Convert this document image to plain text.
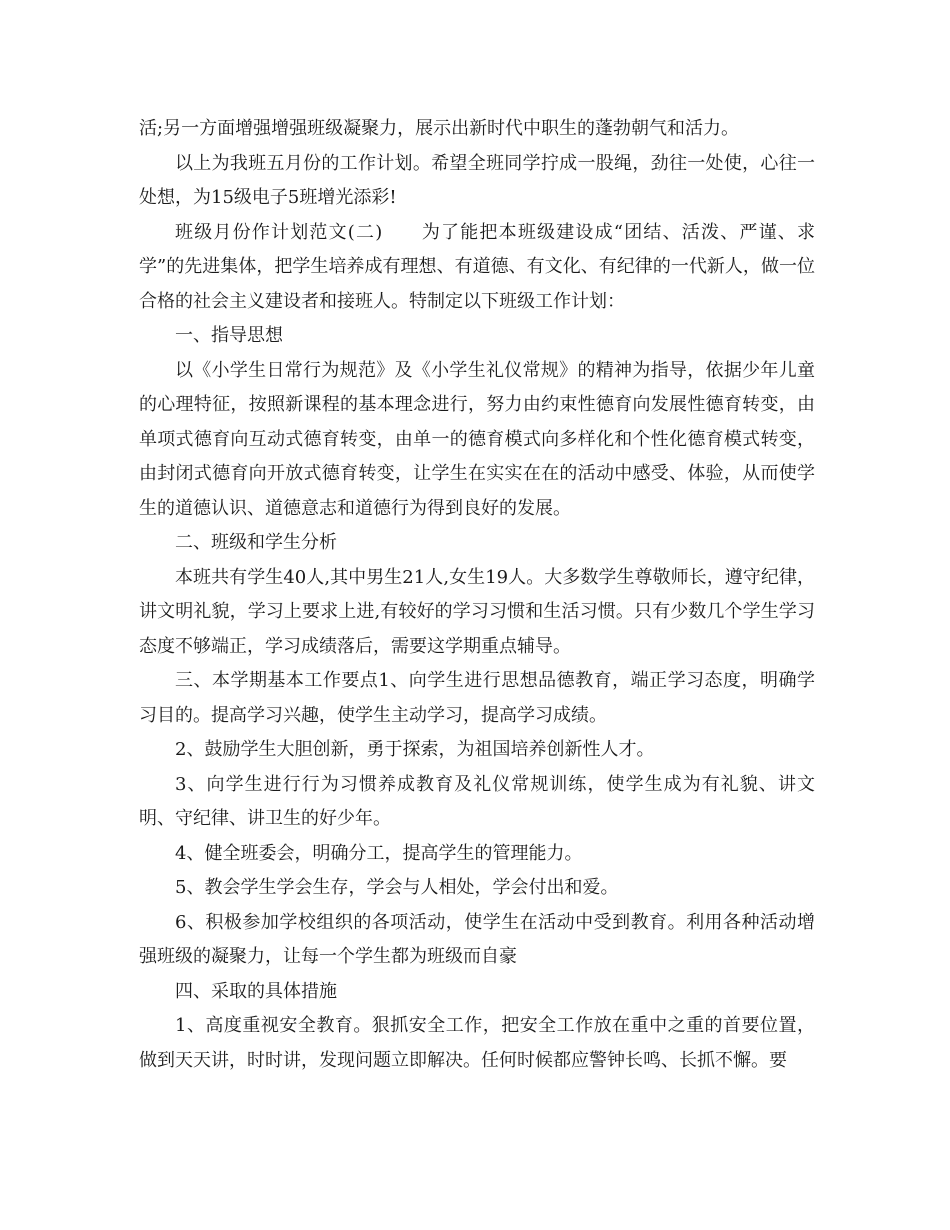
活;另一方面增强增强班级凝聚力，展示出新时代中职生的蓬勃朝气和活力。

以上为我班五月份的工作计划。希望全班同学拧成一股绳，劲往一处使，心往一处想，为15级电子5班增光添彩!

班级月份作计划范文(二)　　为了能把本班级建设成“团结、活泼、严谨、求学”的先进集体，把学生培养成有理想、有道德、有文化、有纪律的一代新人，做一位合格的社会主义建设者和接班人。特制定以下班级工作计划：

一、指导思想

以《小学生日常行为规范》及《小学生礼仪常规》的精神为指导，依据少年儿童的心理特征，按照新课程的基本理念进行，努力由约束性德育向发展性德育转变，由单项式德育向互动式德育转变，由单一的德育模式向多样化和个性化德育模式转变，由封闭式德育向开放式德育转变，让学生在实实在在的活动中感受、体验，从而使学生的道德认识、道德意志和道德行为得到良好的发展。

二、班级和学生分析

本班共有学生40人,其中男生21人,女生19人。大多数学生尊敬师长，遵守纪律，讲文明礼貌，学习上要求上进,有较好的学习习惯和生活习惯。只有少数几个学生学习态度不够端正，学习成绩落后，需要这学期重点辅导。

三、本学期基本工作要点1、向学生进行思想品德教育，端正学习态度，明确学习目的。提高学习兴趣，使学生主动学习，提高学习成绩。

2、鼓励学生大胆创新，勇于探索，为祖国培养创新性人才。

3、向学生进行行为习惯养成教育及礼仪常规训练，使学生成为有礼貌、讲文明、守纪律、讲卫生的好少年。

4、健全班委会，明确分工，提高学生的管理能力。

5、教会学生学会生存，学会与人相处，学会付出和爱。

6、积极参加学校组织的各项活动，使学生在活动中受到教育。利用各种活动增强班级的凝聚力，让每一个学生都为班级而自豪

四、采取的具体措施

1、高度重视安全教育。狠抓安全工作，把安全工作放在重中之重的首要位置，做到天天讲，时时讲，发现问题立即解决。任何时候都应警钟长鸣、长抓不懈。要
